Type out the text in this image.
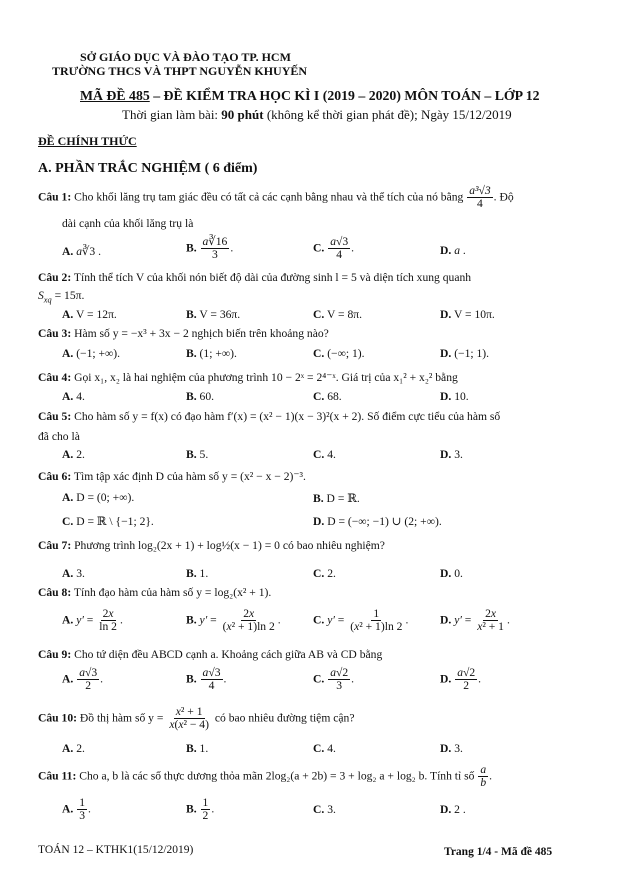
SỞ GIÁO DỤC VÀ ĐÀO TẠO TP. HCM
TRƯỜNG THCS VÀ THPT NGUYỄN KHUYẾN
MÃ ĐỀ 485 – ĐỀ KIỂM TRA HỌC KÌ I (2019 – 2020) MÔN TOÁN – LỚP 12
Thời gian làm bài: 90 phút (không kể thời gian phát đề); Ngày 15/12/2019
ĐỀ CHÍNH THỨC
A. PHẦN TRẮC NGHIỆM ( 6 điểm)
Câu 1: Cho khối lăng trụ tam giác đều có tất cả các cạnh bằng nhau và thể tích của nó bằng $\frac{\text{a³√3}}{4}$ . Độ
dài cạnh của khối lăng trụ là
A. a∛3 .	B. $\frac{a∛16}{3}$ .	C. $\frac{a√3}{4}$ .	D. a .
Câu 2: Tính thể tích V của khối nón biết độ dài của đường sinh l = 5 và diện tích xung quanh
$S_{xq} = 15\pi$.
A. V = 12π.	B. V = 36π.	C. V = 8π.	D. V = 10π.
Câu 3: Hàm số y = −x³ + 3x − 2 nghịch biến trên khoảng nào?
A. (−1; +∞).	B. (1; +∞).	C. (−∞; 1).	D. (−1; 1).
Câu 4: Gọi x₁, x₂ là hai nghiệm của phương trình 10 − 2ˣ = 2⁴⁻ˣ. Giá trị của x₁² + x₂² bằng
A. 4.	B. 60.	C. 68.	D. 10.
Câu 5: Cho hàm số y = f(x) có đạo hàm f′(x) = (x² − 1)(x − 3)²(x + 2). Số điểm cực tiểu của hàm số
đã cho là
A. 2.	B. 5.	C. 4.	D. 3.
Câu 6: Tìm tập xác định D của hàm số y = (x² − x − 2)⁻³.
A. D = (0; +∞).	B. D = ℝ.
C. D = ℝ \ {−1; 2}.	D. D = (−∞; −1) ∪ (2; +∞).
Câu 7: Phương trình log₂(2x + 1) + log½(x − 1) = 0 có bao nhiêu nghiệm?
A. 3.	B. 1.	C. 2.	D. 0.
Câu 8: Tính đạo hàm của hàm số y = log₂(x² + 1).
A. $y' = \frac{2x}{\ln 2}$ .	B. $y' = \frac{2x}{\text{(x² + 1)ln 2}}$ .	C. $y' = \frac{1}{\text{(x² + 1)ln 2}}$ .	D. $y' = \frac{2x}{\text{x² + 1}}$ .
Câu 9: Cho tứ diện đều ABCD cạnh a. Khoảng cách giữa AB và CD bằng
A. $\frac{a√3}{2}$ .	B. $\frac{a√3}{4}$ .	C. $\frac{a√2}{3}$ .	D. $\frac{a√2}{2}$ .
Câu 10: Đồ thị hàm số $y = \frac{\text{x² + 1}}{\text{x(x² − 4)}}$ có bao nhiêu đường tiệm cận?
A. 2.	B. 1.	C. 4.	D. 3.
Câu 11: Cho a, b là các số thực dương thỏa mãn 2log₂(a + 2b) = 3 + log₂ a + log₂ b. Tính tỉ số $\frac{a}{b}$ .
A. $\frac{1}{3}$ .	B. $\frac{1}{2}$ .	C. 3.	D. 2 .
TOÁN 12 – KTHK1(15/12/2019)	Trang 1/4 - Mã đề 485
